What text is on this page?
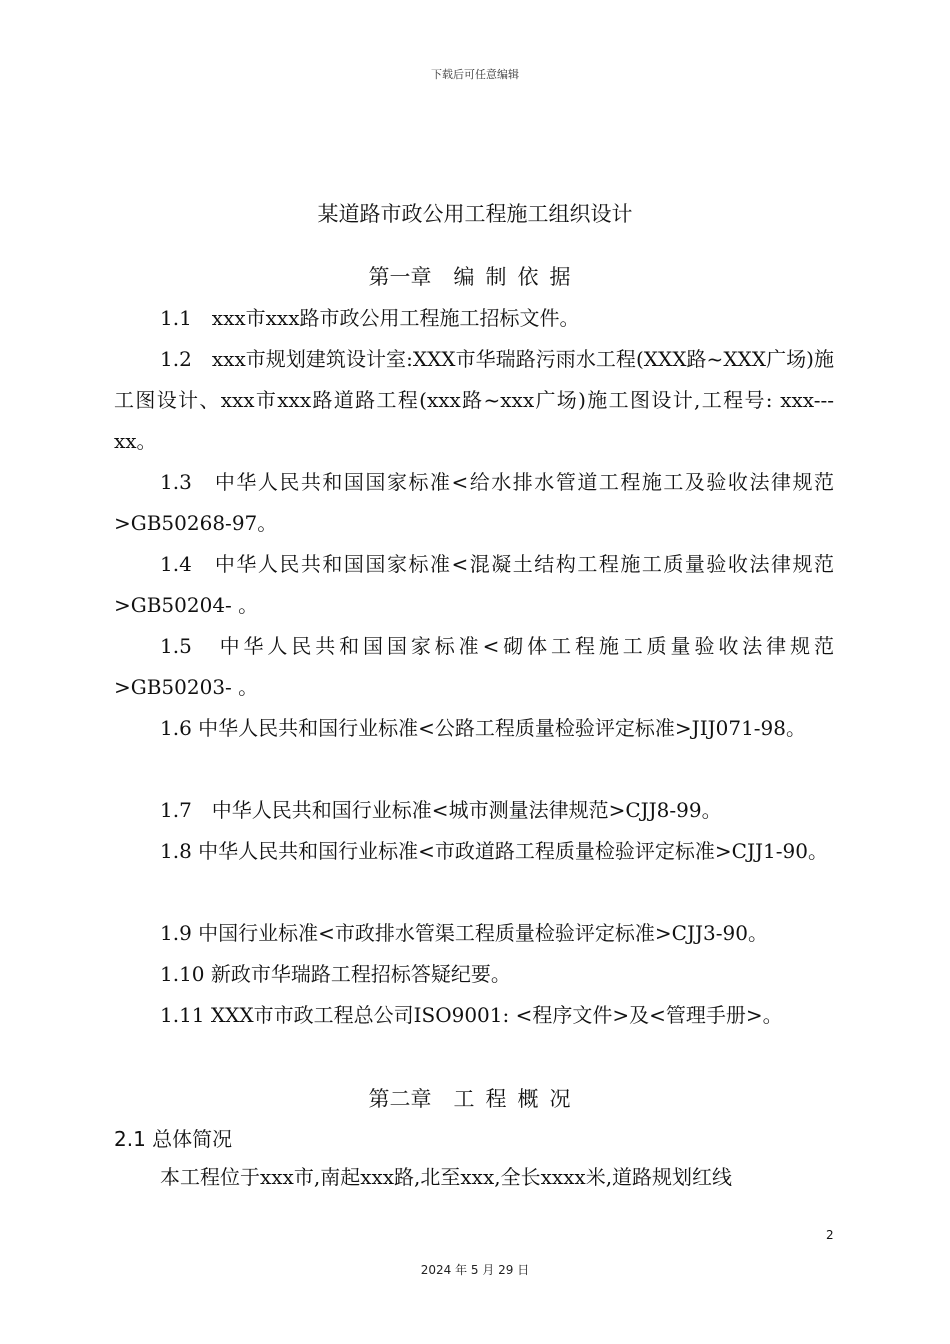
下载后可任意编辑
某道路市政公用工程施工组织设计
第一章 编制依据

1.1　xxx市xxx路市政公用工程施工招标文件。

1.2　xxx市规划建筑设计室:XXX市华瑞路污雨水工程(XXX路~XXX广场)施工图设计、xxx市xxx路道路工程(xxx路~xxx广场)施工图设计,工程号: xxx---xx。

1.3　中华人民共和国国家标准<给水排水管道工程施工及验收法律规范>GB50268-97。

1.4　中华人民共和国国家标准<混凝土结构工程施工质量验收法律规范>GB50204- 。

1.5　中华人民共和国国家标准<砌体工程施工质量验收法律规范>GB50203- 。

1.6 中华人民共和国行业标准<公路工程质量检验评定标准>JIJ071-98。

1.7　中华人民共和国行业标准<城市测量法律规范>CJJ8-99。

1.8 中华人民共和国行业标准<市政道路工程质量检验评定标准>CJJ1-90。

1.9 中国行业标准<市政排水管渠工程质量检验评定标准>CJJ3-90。

1.10 新政市华瑞路工程招标答疑纪要。

1.11 XXX市市政工程总公司ISO9001: <程序文件>及<管理手册>。

第二章 工程概况
2.1 总体简况

本工程位于xxx市,南起xxx路,北至xxx,全长xxxx米,道路规划红线

2
2024 年 5 月 29 日
